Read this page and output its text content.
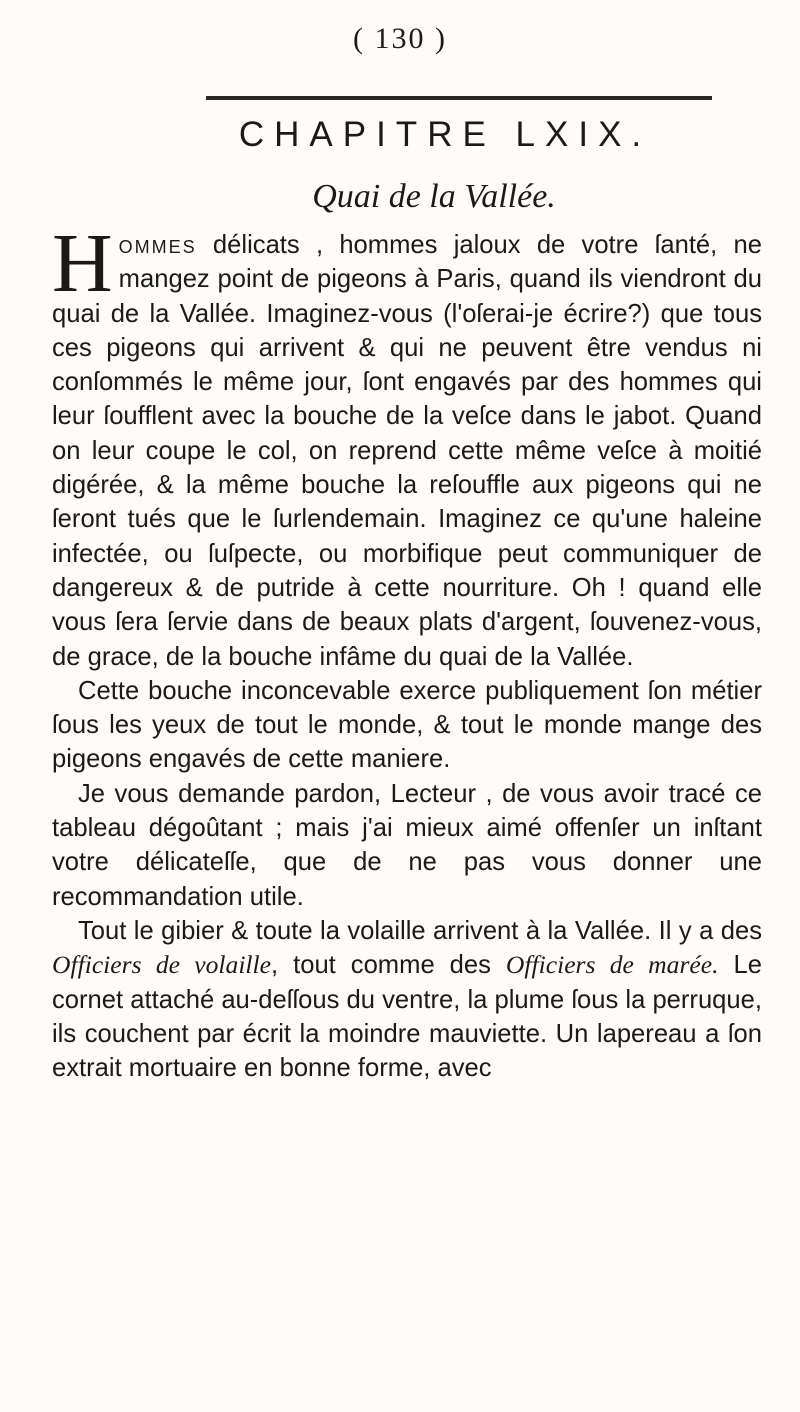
( 130 )
CHAPITRE LXIX.
Quai de la Vallée.

Hommes délicats , hommes jaloux de votre ſanté, ne mangez point de pigeons à Paris, quand ils viendront du quai de la Vallée. Imaginez-vous (l'oſerai-je écrire?) que tous ces pigeons qui arrivent & qui ne peuvent être vendus ni conſommés le même jour, ſont engavés par des hommes qui leur ſoufflent avec la bouche de la veſce dans le jabot. Quand on leur coupe le col, on reprend cette même veſce à moitié digérée, & la même bouche la reſouffle aux pigeons qui ne ſeront tués que le ſurlendemain. Imaginez ce qu'une haleine infectée, ou ſuſpecte, ou morbifique peut communiquer de dangereux & de putride à cette nourriture. Oh ! quand elle vous ſera ſervie dans de beaux plats d'argent, ſouvenez-vous, de grace, de la bouche infâme du quai de la Vallée.

Cette bouche inconcevable exerce publiquement ſon métier ſous les yeux de tout le monde, & tout le monde mange des pigeons engavés de cette maniere.

Je vous demande pardon, Lecteur , de vous avoir tracé ce tableau dégoûtant ; mais j'ai mieux aimé offenſer un inſtant votre délicateſſe, que de ne pas vous donner une recommandation utile.

Tout le gibier & toute la volaille arrivent à la Vallée. Il y a des Officiers de volaille, tout comme des Officiers de marée. Le cornet attaché au-deſſous du ventre, la plume ſous la perruque, ils couchent par écrit la moindre mauviette. Un lapereau a ſon extrait mortuaire en bonne forme, avec
